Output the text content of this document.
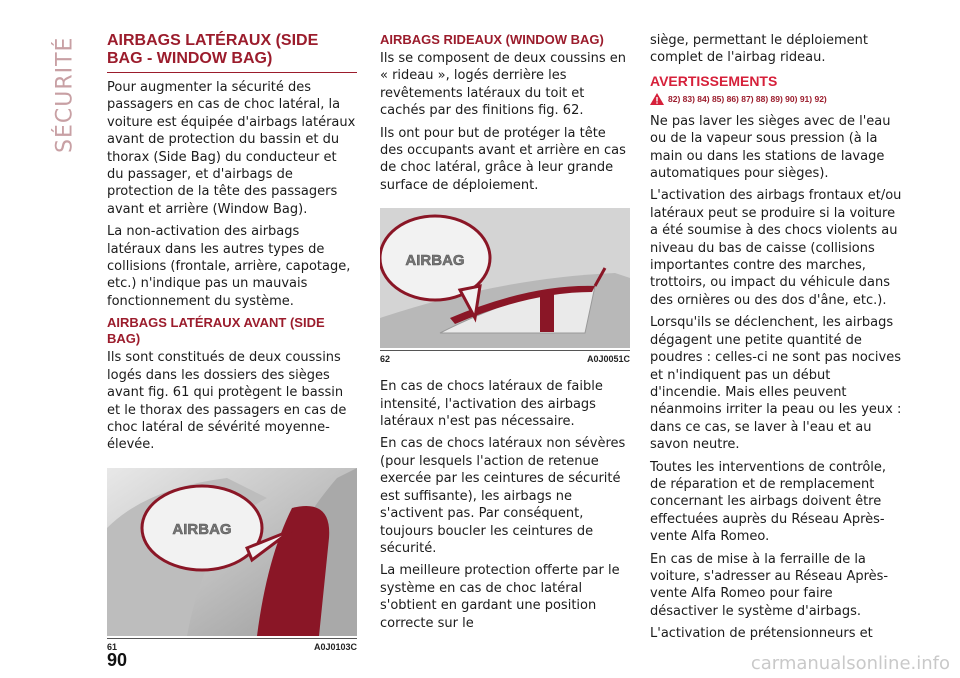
SÉCURITÉ AIRBAGS LATÉRAUX (SIDE BAG - WINDOW BAG)

Pour augmenter la sécurité des passagers en cas de choc latéral, la voiture est équipée d'airbags latéraux avant de protection du bassin et du thorax (Side Bag) du conducteur et du passager, et d'airbags de protection de la tête des passagers avant et arrière (Window Bag).

La non-activation des airbags latéraux dans les autres types de collisions (frontale, arrière, capotage, etc.) n'indique pas un mauvais fonctionnement du système.

AIRBAGS LATÉRAUX AVANT (SIDE BAG)

Ils sont constitués de deux coussins logés dans les dossiers des sièges avant fig. 61 qui protègent le bassin et le thorax des passagers en cas de choc latéral de sévérité moyenne-élevée.

AIRBAG
61	A0J0103C
AIRBAGS RIDEAUX (WINDOW BAG)

Ils se composent de deux coussins en « rideau », logés derrière les revêtements latéraux du toit et cachés par des finitions fig. 62.

Ils ont pour but de protéger la tête des occupants avant et arrière en cas de choc latéral, grâce à leur grande surface de déploiement.

AIRBAG
62	A0J0051C

En cas de chocs latéraux de faible intensité, l'activation des airbags latéraux n'est pas nécessaire.

En cas de chocs latéraux non sévères (pour lesquels l'action de retenue exercée par les ceintures de sécurité est suffisante), les airbags ne s'activent pas. Par conséquent, toujours boucler les ceintures de sécurité.

La meilleure protection offerte par le système en cas de choc latéral s'obtient en gardant une position correcte sur le

siège, permettant le déploiement complet de l'airbag rideau.

AVERTISSEMENTS
82) 83) 84) 85) 86) 87) 88) 89) 90) 91) 92)

Ne pas laver les sièges avec de l'eau ou de la vapeur sous pression (à la main ou dans les stations de lavage automatiques pour sièges).

L'activation des airbags frontaux et/ou latéraux peut se produire si la voiture a été soumise à des chocs violents au niveau du bas de caisse (collisions importantes contre des marches, trottoirs, ou impact du véhicule dans des ornières ou des dos d'âne, etc.).

Lorsqu'ils se déclenchent, les airbags dégagent une petite quantité de poudres : celles-ci ne sont pas nocives et n'indiquent pas un début d'incendie. Mais elles peuvent néanmoins irriter la peau ou les yeux : dans ce cas, se laver à l'eau et au savon neutre.

Toutes les interventions de contrôle, de réparation et de remplacement concernant les airbags doivent être effectuées auprès du Réseau Après-vente Alfa Romeo.

En cas de mise à la ferraille de la voiture, s'adresser au Réseau Après-vente Alfa Romeo pour faire désactiver le système d'airbags.

L'activation de prétensionneurs et

90	carmanualsonline.info
